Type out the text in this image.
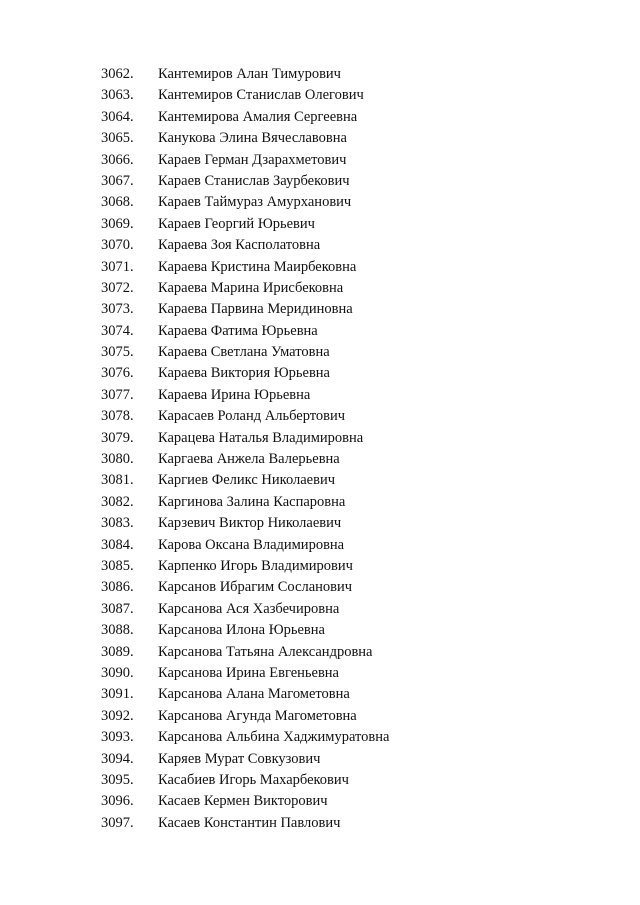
3062.	Кантемиров Алан Тимурович
3063.	Кантемиров Станислав Олегович
3064.	Кантемирова Амалия Сергеевна
3065.	Канукова Элина Вячеславовна
3066.	Караев Герман Дзарахметович
3067.	Караев Станислав Заурбекович
3068.	Караев Таймураз Амурханович
3069.	Караев Георгий Юрьевич
3070.	Караева Зоя Касполатовна
3071.	Караева Кристина Маирбековна
3072.	Караева Марина Ирисбековна
3073.	Караева Парвина Меридиновна
3074.	Караева Фатима Юрьевна
3075.	Караева Светлана Уматовна
3076.	Караева Виктория Юрьевна
3077.	Караева Ирина Юрьевна
3078.	Карасаев Роланд Альбертович
3079.	Карацева Наталья Владимировна
3080.	Каргаева Анжела Валерьевна
3081.	Каргиев Феликс Николаевич
3082.	Каргинова Залина Каспаровна
3083.	Карзевич Виктор Николаевич
3084.	Карова Оксана Владимировна
3085.	Карпенко Игорь Владимирович
3086.	Карсанов Ибрагим Сосланович
3087.	Карсанова Ася Хазбечировна
3088.	Карсанова Илона Юрьевна
3089.	Карсанова Татьяна Александровна
3090.	Карсанова Ирина Евгеньевна
3091.	Карсанова Алана Магометовна
3092.	Карсанова Агунда Магометовна
3093.	Карсанова Альбина Хаджимуратовна
3094.	Каряев Мурат Совкузович
3095.	Касабиев Игорь Махарбекович
3096.	Касаев Кермен Викторович
3097.	Касаев Константин Павлович
